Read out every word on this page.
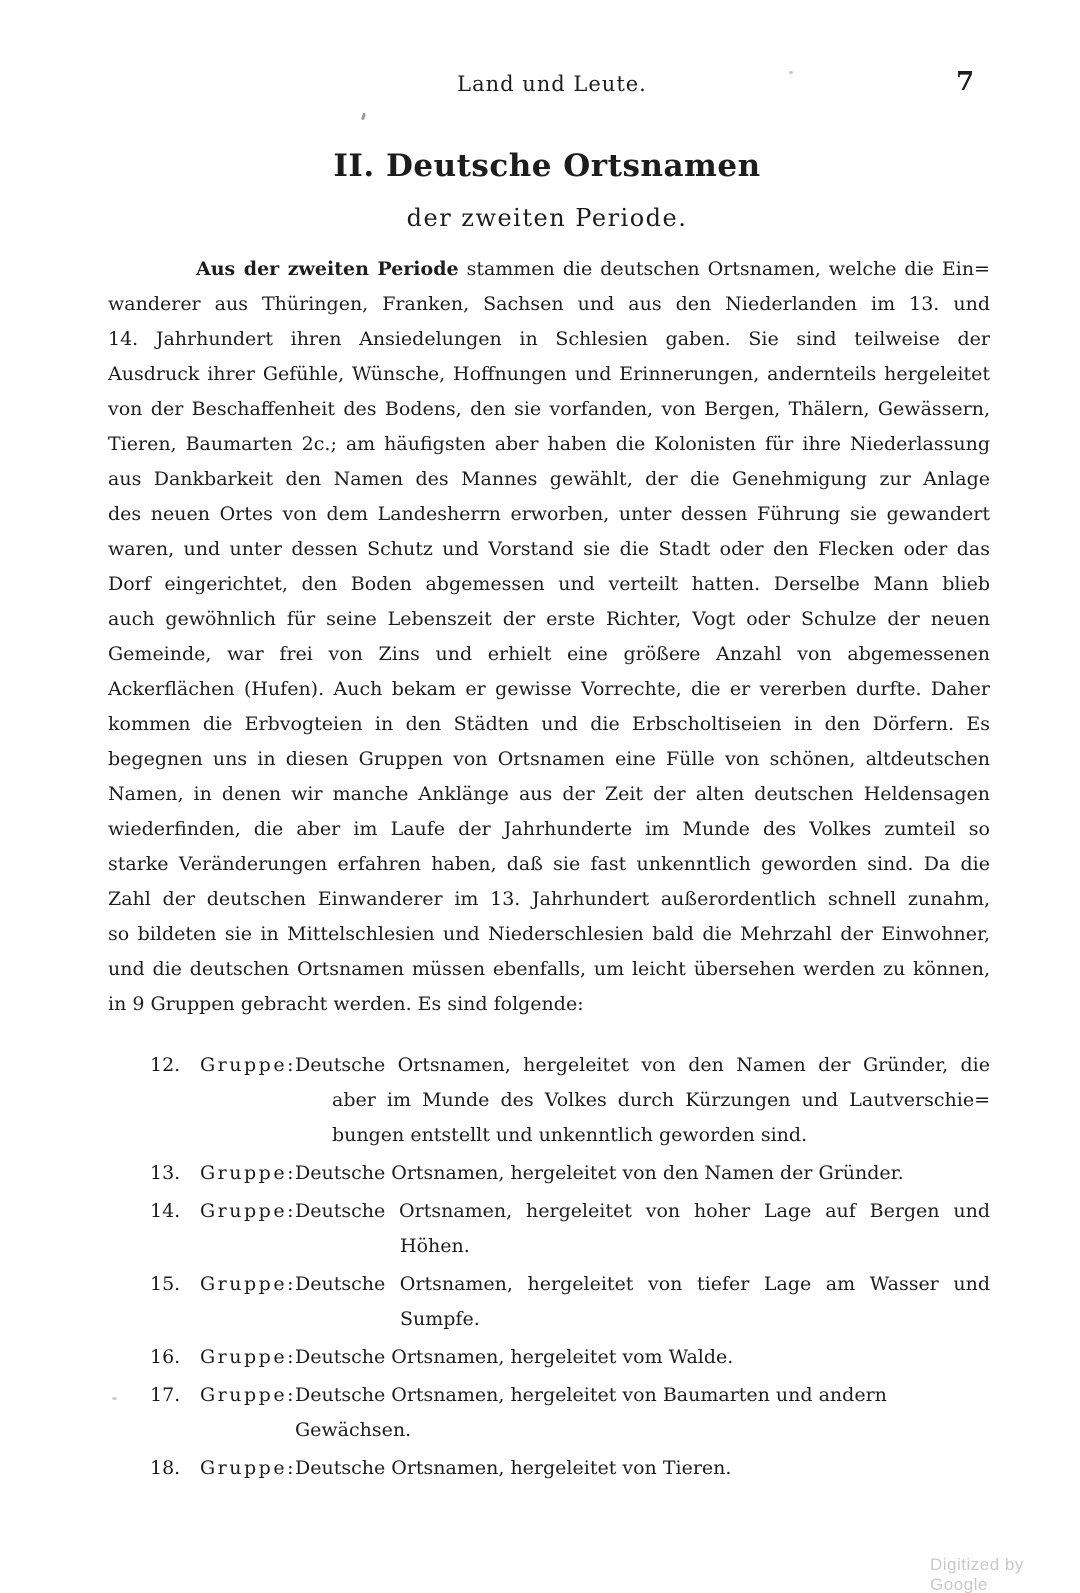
Land und Leute.	7
II. Deutsche Ortsnamen
der zweiten Periode.
Aus der zweiten Periode stammen die deutschen Ortsnamen, welche die Ein=
wanderer aus Thüringen, Franken, Sachsen und aus den Niederlanden im 13. und
14. Jahrhundert ihren Ansiedelungen in Schlesien gaben. Sie sind teilweise der
Ausdruck ihrer Gefühle, Wünsche, Hoffnungen und Erinnerungen, andernteils hergeleitet
von der Beschaffenheit des Bodens, den sie vorfanden, von Bergen, Thälern, Gewässern,
Tieren, Baumarten 2c.; am häufigsten aber haben die Kolonisten für ihre Niederlassung
aus Dankbarkeit den Namen des Mannes gewählt, der die Genehmigung zur Anlage
des neuen Ortes von dem Landesherrn erworben, unter dessen Führung sie gewandert
waren, und unter dessen Schutz und Vorstand sie die Stadt oder den Flecken oder das
Dorf eingerichtet, den Boden abgemessen und verteilt hatten. Derselbe Mann blieb
auch gewöhnlich für seine Lebenszeit der erste Richter, Vogt oder Schulze der neuen
Gemeinde, war frei von Zins und erhielt eine größere Anzahl von abgemessenen
Ackerflächen (Hufen). Auch bekam er gewisse Vorrechte, die er vererben durfte. Daher
kommen die Erbvogteien in den Städten und die Erbscholtiseien in den Dörfern. Es
begegnen uns in diesen Gruppen von Ortsnamen eine Fülle von schönen, altdeutschen
Namen, in denen wir manche Anklänge aus der Zeit der alten deutschen Heldensagen
wiederfinden, die aber im Laufe der Jahrhunderte im Munde des Volkes zumteil so
starke Veränderungen erfahren haben, daß sie fast unkenntlich geworden sind. Da die
Zahl der deutschen Einwanderer im 13. Jahrhundert außerordentlich schnell zunahm,
so bildeten sie in Mittelschlesien und Niederschlesien bald die Mehrzahl der Einwohner,
und die deutschen Ortsnamen müssen ebenfalls, um leicht übersehen werden zu können,
in 9 Gruppen gebracht werden. Es sind folgende:
12.	Gruppe: Deutsche Ortsnamen, hergeleitet von den Namen der Gründer, die
aber im Munde des Volkes durch Kürzungen und Lautverschie=
bungen entstellt und unkenntlich geworden sind.
13.	Gruppe: Deutsche Ortsnamen, hergeleitet von den Namen der Gründer.
14.	Gruppe: Deutsche Ortsnamen, hergeleitet von hoher Lage auf Bergen und
Höhen.
15.	Gruppe: Deutsche Ortsnamen, hergeleitet von tiefer Lage am Wasser und
Sumpfe.
16.	Gruppe: Deutsche Ortsnamen, hergeleitet vom Walde.
17.	Gruppe: Deutsche Ortsnamen, hergeleitet von Baumarten und andern Gewächsen.
18.	Gruppe: Deutsche Ortsnamen, hergeleitet von Tieren.
Digitized by Google
